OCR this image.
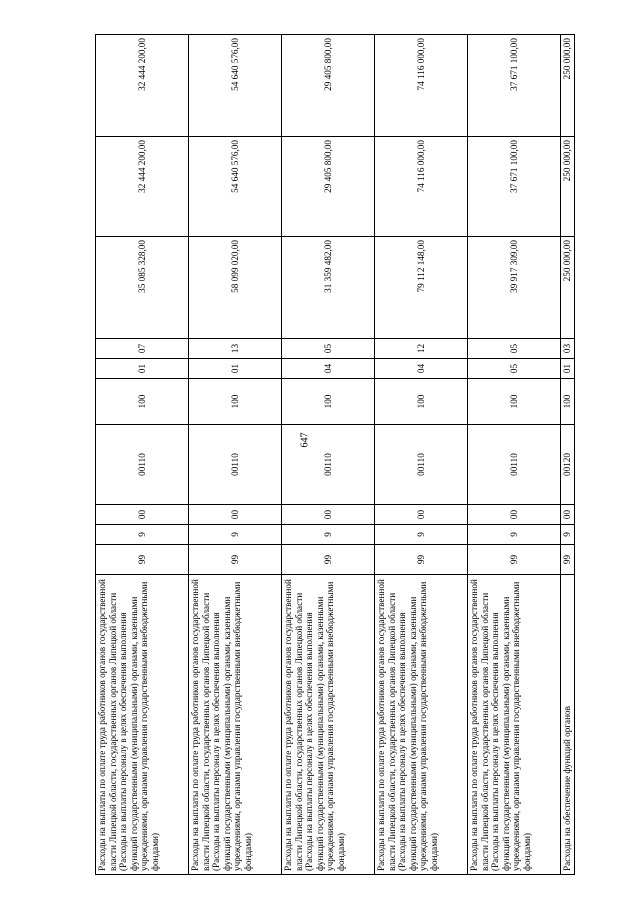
647
Расходы на выплаты по оплате труда работников органов государственной власти Липецкой области, государственных органов Липецкой области (Расходы на выплаты персоналу в целях обеспечения выполнения функций государственными (муниципальными) органами, казенными учреждениями, органами управления государственными внебюджетными фондами)	99	9	00	00110	100	01	07	35 085 328,00	32 444 200,00	32 444 200,00
Расходы на выплаты по оплате труда работников органов государственной власти Липецкой области, государственных органов Липецкой области (Расходы на выплаты персоналу в целях обеспечения выполнения функций государственными (муниципальными) органами, казенными учреждениями, органами управления государственными внебюджетными фондами)	99	9	00	00110	100	01	13	58 099 020,00	54 640 576,00	54 640 576,00
Расходы на выплаты по оплате труда работников органов государственной власти Липецкой области, государственных органов Липецкой области (Расходы на выплаты персоналу в целях обеспечения выполнения функций государственными (муниципальными) органами, казенными учреждениями, органами управления государственными внебюджетными фондами)	99	9	00	00110	100	04	05	31 359 482,00	29 405 800,00	29 405 800,00
Расходы на выплаты по оплате труда работников органов государственной власти Липецкой области, государственных органов Липецкой области (Расходы на выплаты персоналу в целях обеспечения выполнения функций государственными (муниципальными) органами, казенными учреждениями, органами управления государственными внебюджетными фондами)	99	9	00	00110	100	04	12	79 112 148,00	74 116 000,00	74 116 000,00
Расходы на выплаты по оплате труда работников органов государственной власти Липецкой области, государственных органов Липецкой области (Расходы на выплаты персоналу в целях обеспечения выполнения функций государственными (муниципальными) органами, казенными учреждениями, органами управления государственными внебюджетными фондами)	99	9	00	00110	100	05	05	39 917 309,00	37 671 100,00	37 671 100,00
Расходы на обеспечение функций органов	99	9	00	00120	100	01	03	250 000,00	250 000,00	250 000,00
